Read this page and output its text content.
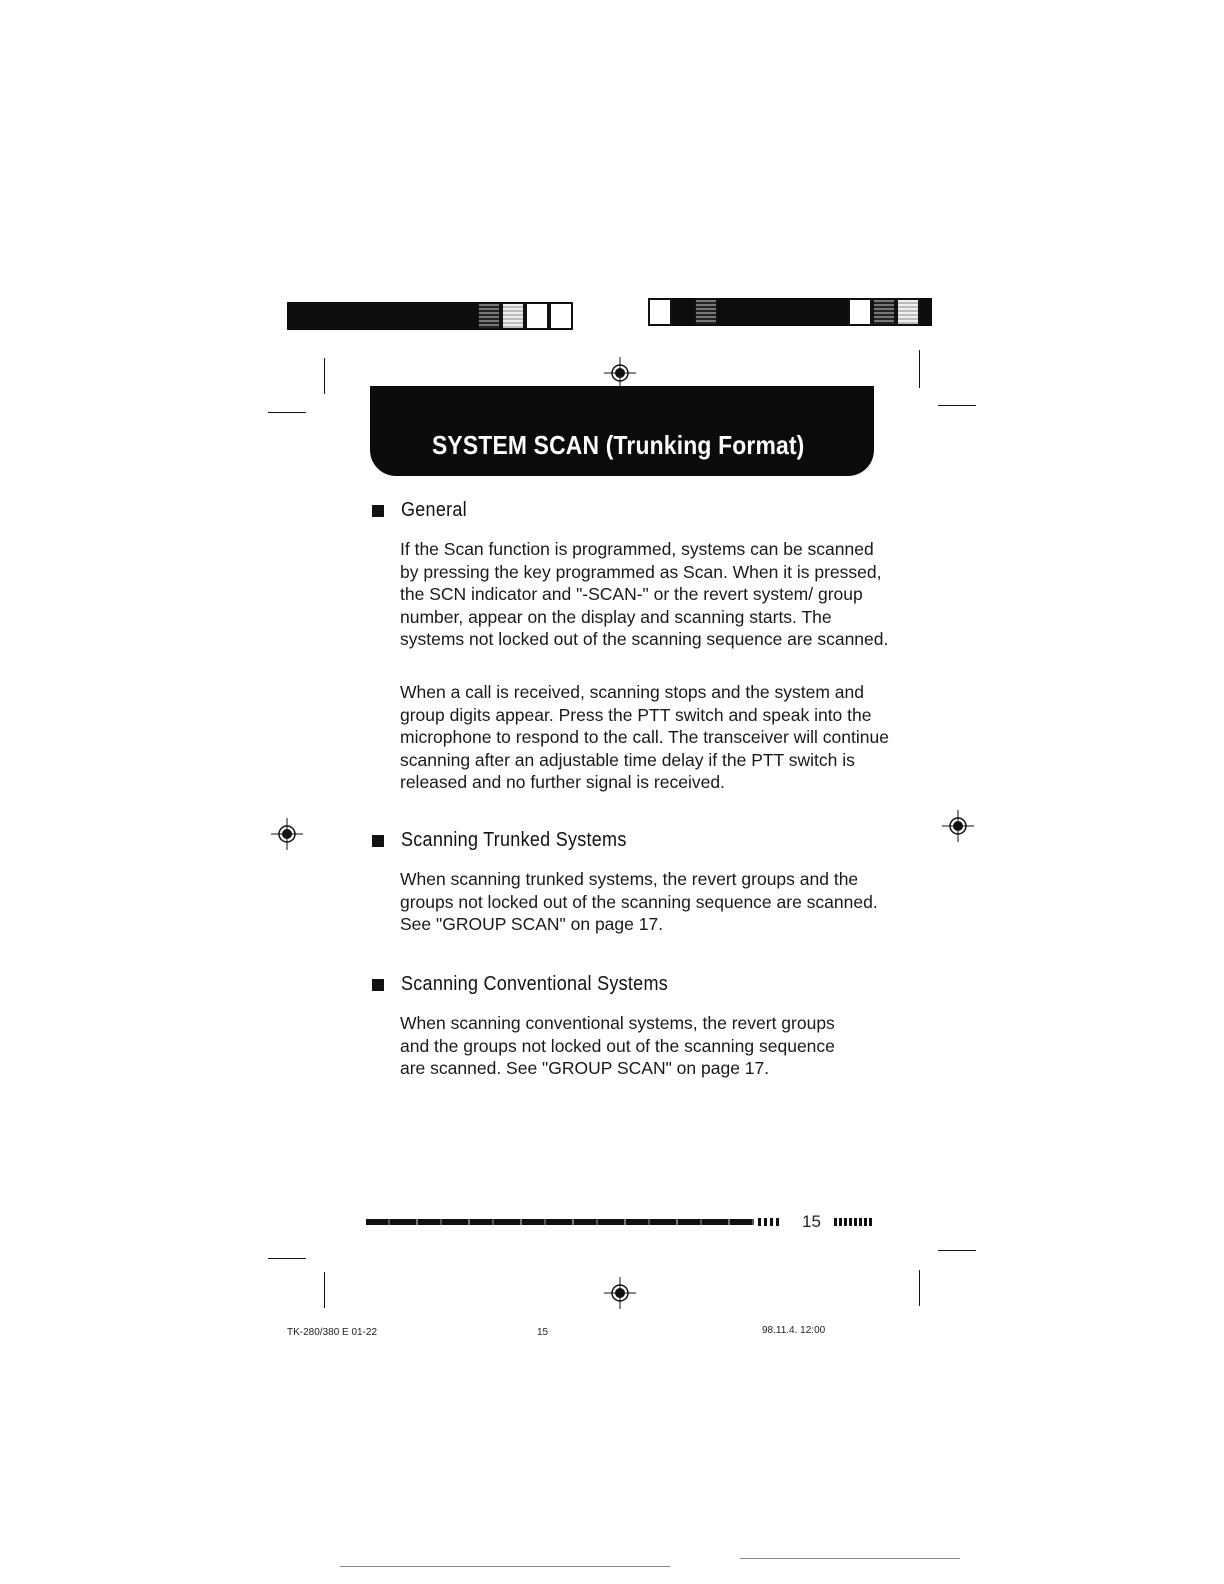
SYSTEM SCAN (Trunking Format)
General

If the Scan function is programmed, systems can be scanned by pressing the key programmed as Scan. When it is pressed, the SCN indicator and "-SCAN-" or the revert system/ group number, appear on the display and scanning starts. The systems not locked out of the scanning sequence are scanned.

When a call is received, scanning stops and the system and group digits appear. Press the PTT switch and speak into the microphone to respond to the call. The transceiver will continue scanning after an adjustable time delay if the PTT switch is released and no further signal is received.

Scanning Trunked Systems

When scanning trunked systems, the revert groups and the groups not locked out of the scanning sequence are scanned. See "GROUP SCAN" on page 17.

Scanning Conventional Systems

When scanning conventional systems, the revert groups and the groups not locked out of the scanning sequence are scanned. See "GROUP SCAN" on page 17.

15
TK-280/380 E 01-22	15	98.11.4. 12:00
